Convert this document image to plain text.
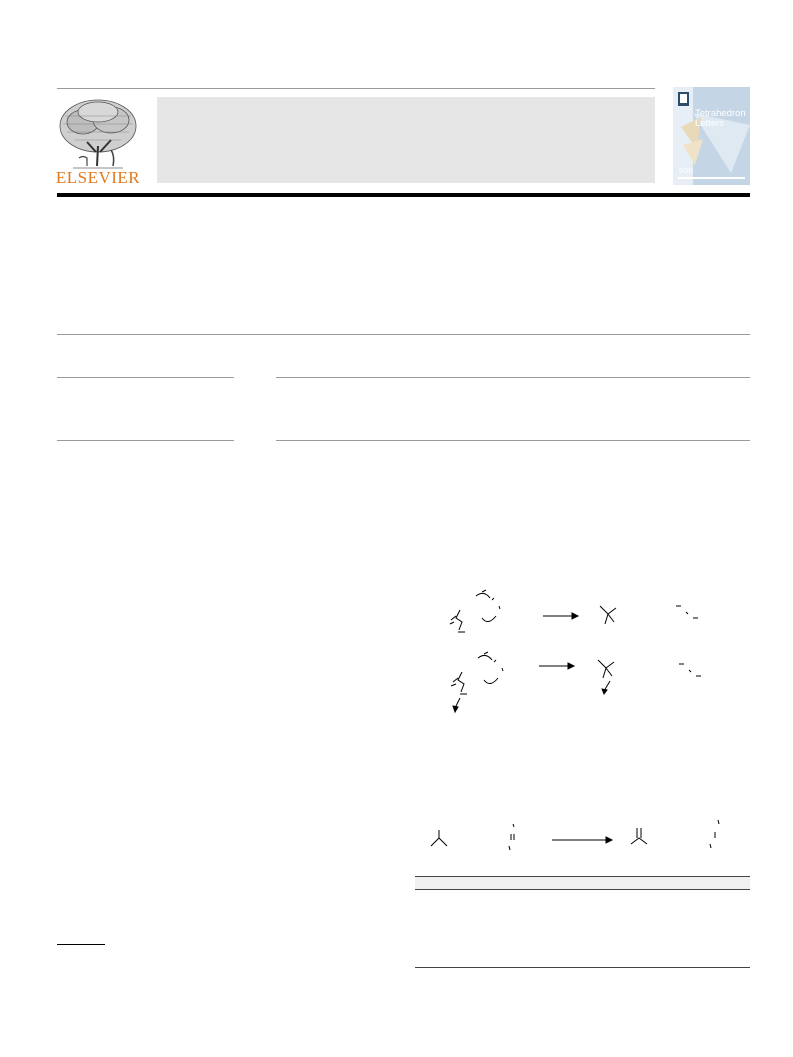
ELSEVIER
Tetrahedron Letters
50th
